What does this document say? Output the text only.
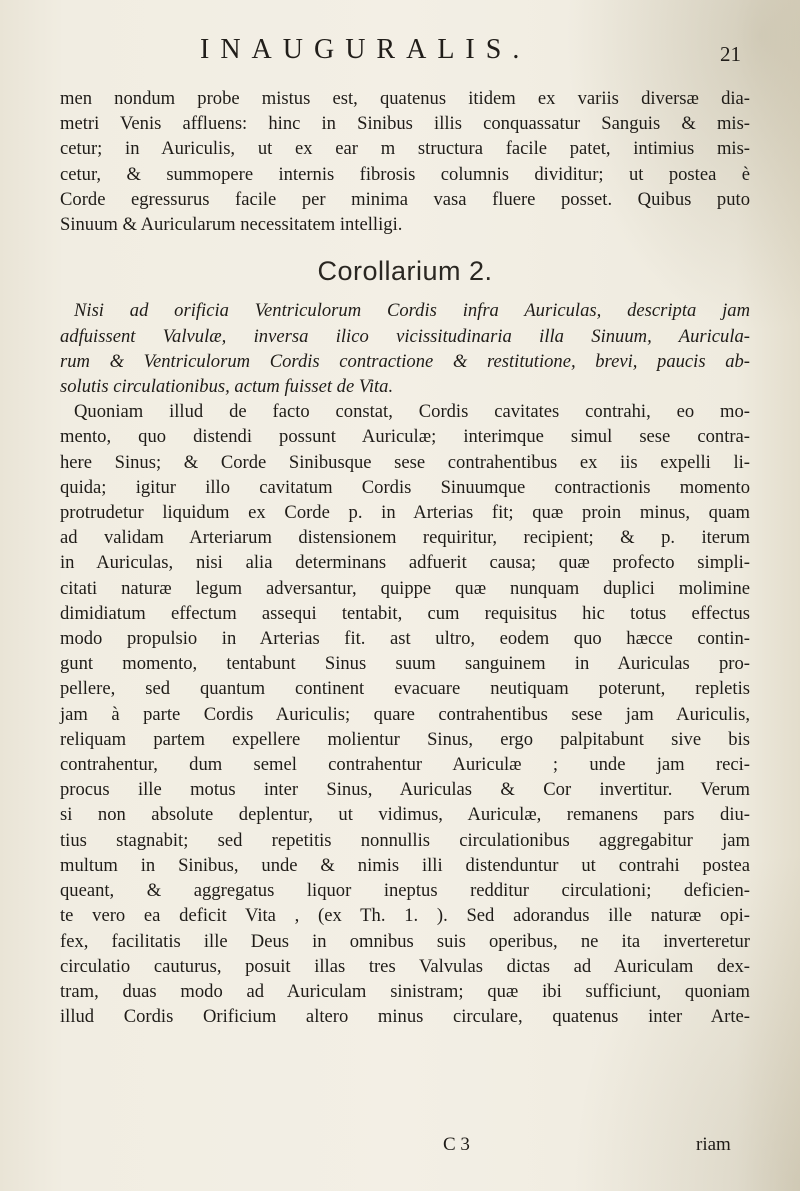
INAUGURALIS.	21
men nondum probe mistus est, quatenus itidem ex variis diversæ dia-
metri Venis affluens: hinc in Sinibus illis conquassatur Sanguis & mis-
cetur; in Auriculis, ut ex ear m structura facile patet, intimius mis-
cetur, & summopere internis fibrosis columnis dividitur; ut postea è
Corde egressurus facile per minima vasa fluere posset. Quibus puto
Sinuum & Auricularum necessitatem intelligi.
Corollarium 2.
Nisi ad orificia Ventriculorum Cordis infra Auriculas, descripta jam
adfuissent Valvulæ, inversa ilico vicissitudinaria illa Sinuum, Auricula-
rum & Ventriculorum Cordis contractione & restitutione, brevi, paucis ab-
solutis circulationibus, actum fuisset de Vita.
Quoniam illud de facto constat, Cordis cavitates contrahi, eo mo-
mento, quo distendi possunt Auriculæ; interimque simul sese contra-
here Sinus; & Corde Sinibusque sese contrahentibus ex iis expelli li-
quida; igitur illo cavitatum Cordis Sinuumque contractionis momento
protrudetur liquidum ex Corde p. in Arterias fit; quæ proin minus, quam
ad validam Arteriarum distensionem requiritur, recipient; & p. iterum
in Auriculas, nisi alia determinans adfuerit causa; quæ profecto simpli-
citati naturæ legum adversantur, quippe quæ nunquam duplici molimine
dimidiatum effectum assequi tentabit, cum requisitus hic totus effectus
modo propulsio in Arterias fit. ast ultro, eodem quo hæcce contin-
gunt momento, tentabunt Sinus suum sanguinem in Auriculas pro-
pellere, sed quantum continent evacuare neutiquam poterunt, repletis
jam à parte Cordis Auriculis; quare contrahentibus sese jam Auriculis,
reliquam partem expellere molientur Sinus, ergo palpitabunt sive bis
contrahentur, dum semel contrahentur Auriculæ ; unde jam reci-
procus ille motus inter Sinus, Auriculas & Cor invertitur. Verum
si non absolute deplentur, ut vidimus, Auriculæ, remanens pars diu-
tius stagnabit; sed repetitis nonnullis circulationibus aggregabitur jam
multum in Sinibus, unde & nimis illi distenduntur ut contrahi postea
queant, & aggregatus liquor ineptus redditur circulationi; deficien-
te vero ea deficit Vita , (ex Th. 1. ). Sed adorandus ille naturæ opi-
fex, facilitatis ille Deus in omnibus suis operibus, ne ita inverteretur
circulatio cauturus, posuit illas tres Valvulas dictas ad Auriculam dex-
tram, duas modo ad Auriculam sinistram; quæ ibi sufficiunt, quoniam
illud Cordis Orificium altero minus circulare, quatenus inter Arte-
C 3	riam
